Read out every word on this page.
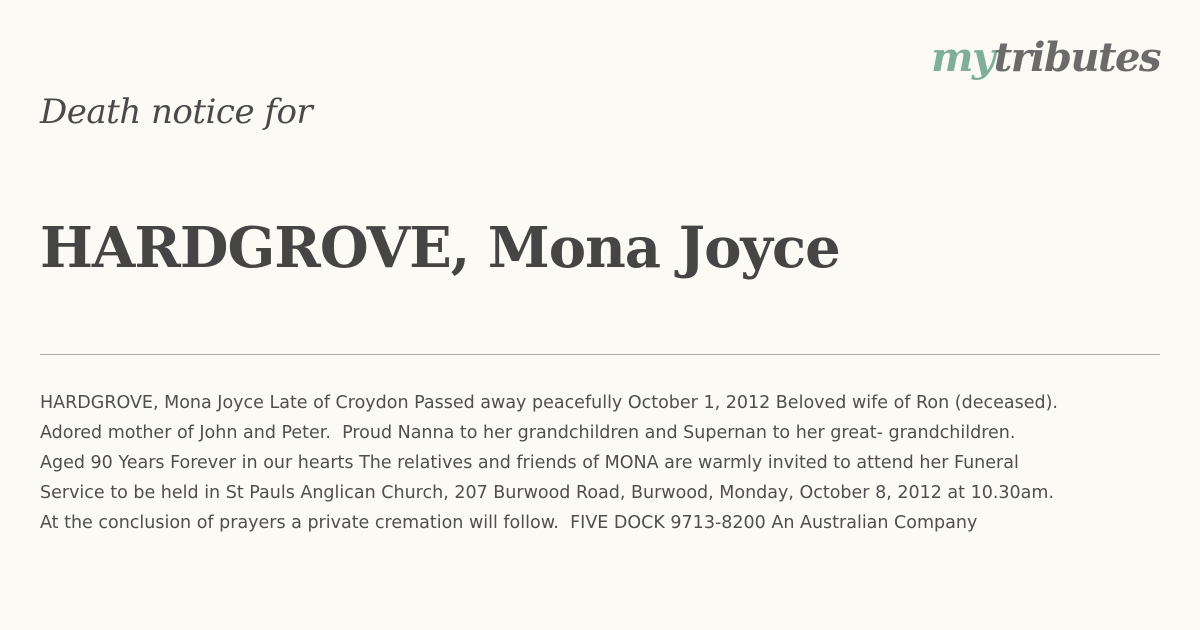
mytributes
Death notice for
HARDGROVE, Mona Joyce
HARDGROVE, Mona Joyce Late of Croydon Passed away peacefully October 1, 2012 Beloved wife of Ron (deceased).
Adored mother of John and Peter.  Proud Nanna to her grandchildren and Supernan to her great- grandchildren.
Aged 90 Years Forever in our hearts The relatives and friends of MONA are warmly invited to attend her Funeral
Service to be held in St Pauls Anglican Church, 207 Burwood Road, Burwood, Monday, October 8, 2012 at 10.30am.
At the conclusion of prayers a private cremation will follow.  FIVE DOCK 9713-8200 An Australian Company
